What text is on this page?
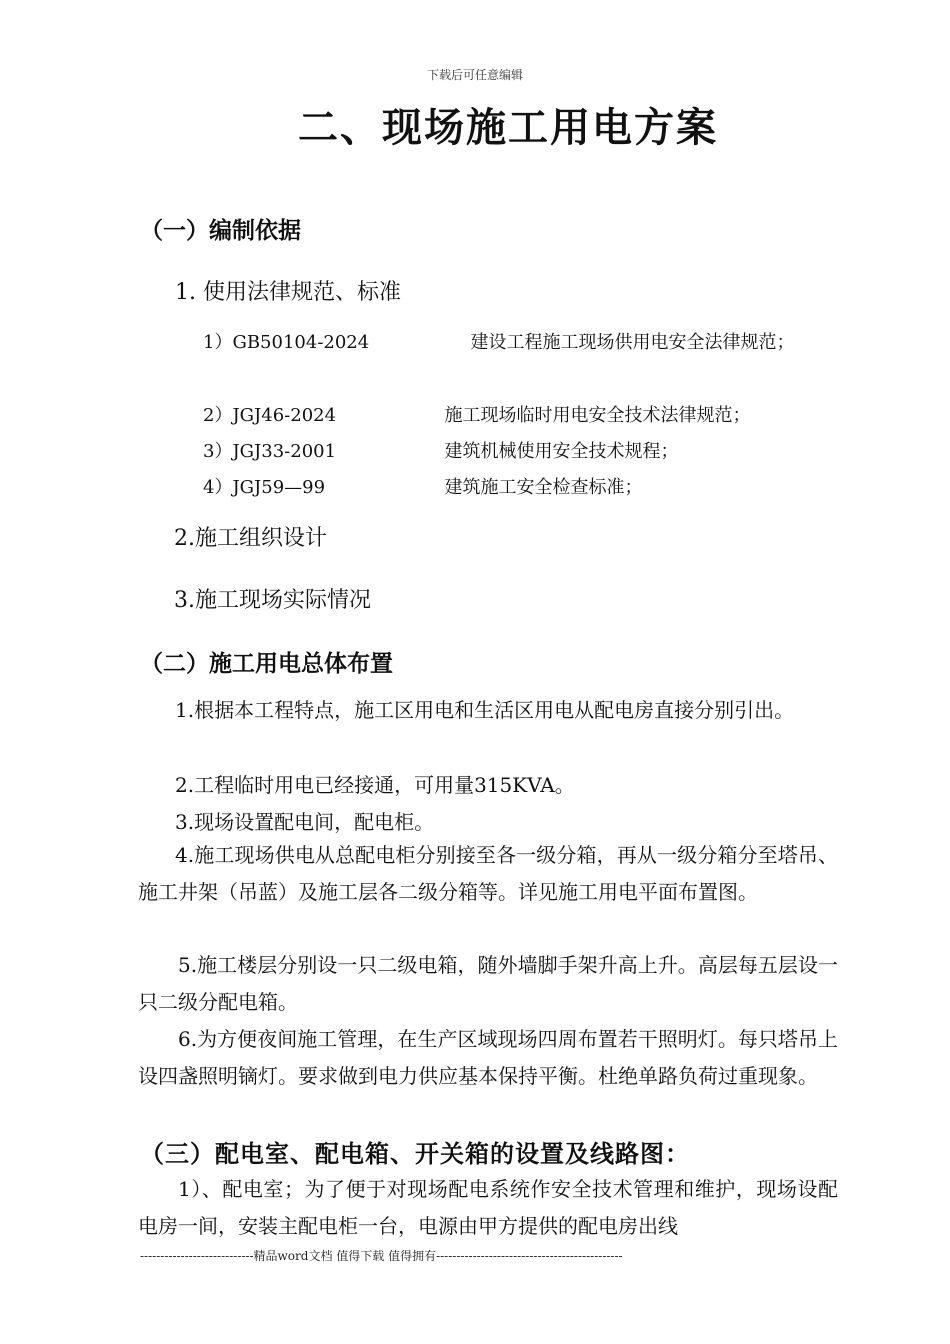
下载后可任意编辑
二、现场施工用电方案
（一）编制依据
1. 使用法律规范、标准
1）GB50104-2024	建设工程施工现场供用电安全法律规范；
2）JGJ46-2024	施工现场临时用电安全技术法律规范；
3）JGJ33-2001	建筑机械使用安全技术规程；
4）JGJ59—99	建筑施工安全检查标准；
2.施工组织设计
3.施工现场实际情况
（二）施工用电总体布置
1.根据本工程特点，施工区用电和生活区用电从配电房直接分别引出。
2.工程临时用电已经接通，可用量315KVA。
3.现场设置配电间，配电柜。
4.施工现场供电从总配电柜分别接至各一级分箱，再从一级分箱分至塔吊、施工井架（吊蓝）及施工层各二级分箱等。详见施工用电平面布置图。
5.施工楼层分别设一只二级电箱，随外墙脚手架升高上升。高层每五层设一只二级分配电箱。
6.为方便夜间施工管理，在生产区域现场四周布置若干照明灯。每只塔吊上设四盏照明镝灯。要求做到电力供应基本保持平衡。杜绝单路负荷过重现象。
（三）配电室、配电箱、开关箱的设置及线路图：
1）、配电室；为了便于对现场配电系统作安全技术管理和维护，现场设配电房一间，安装主配电柜一台，电源由甲方提供的配电房出线
----------------------------精品word文档 值得下载 值得拥有----------------------------------------------
